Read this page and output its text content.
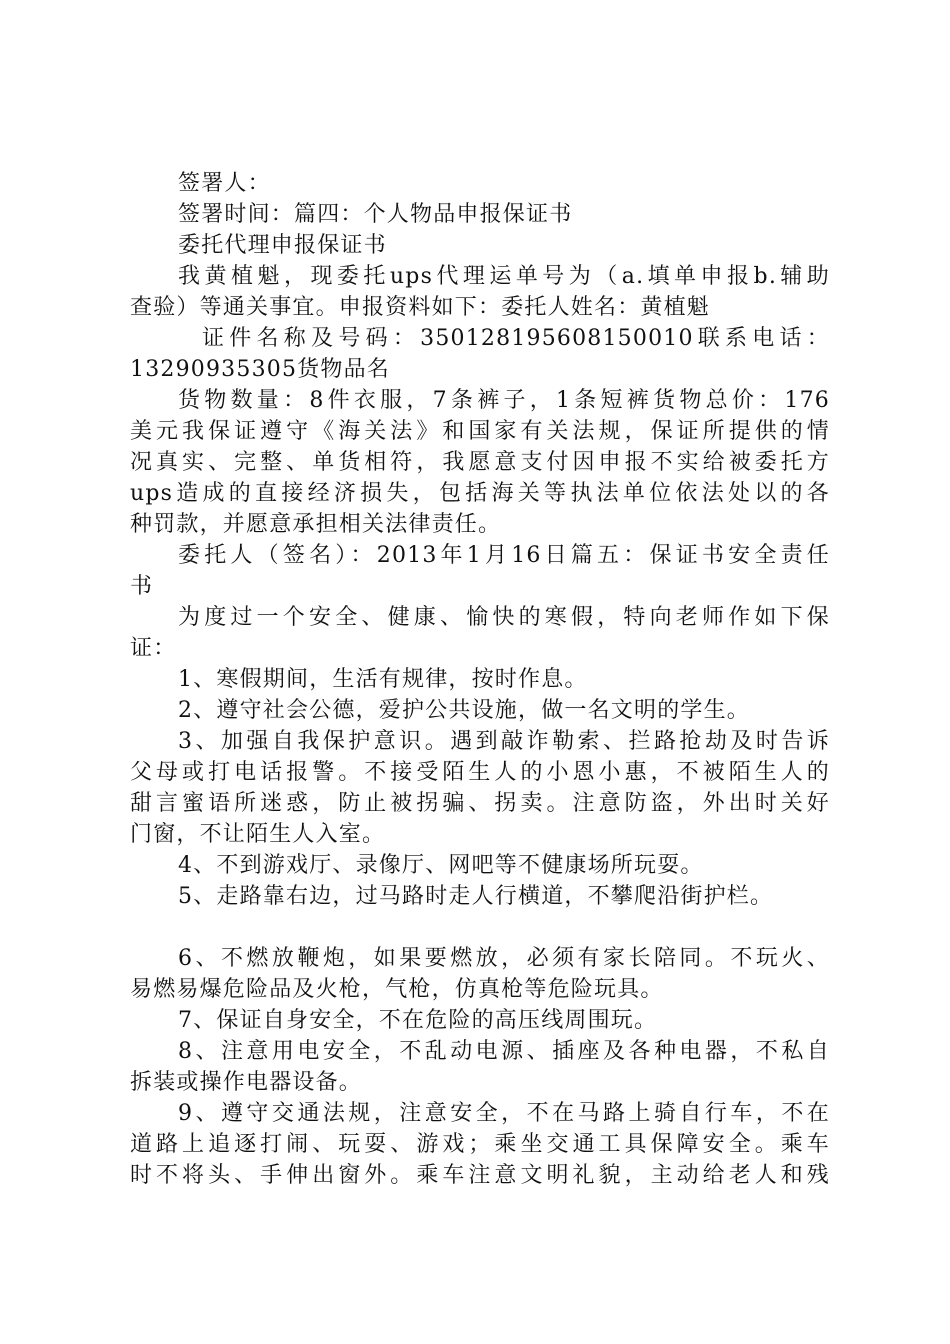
签署人：
签署时间：篇四：个人物品申报保证书
委托代理申报保证书
我黄植魁，现委托ups代理运单号为（a.填单申报b.辅助
查验）等通关事宜。申报资料如下：委托人姓名：黄植魁
证件名称及号码：350128195608150010联系电话：
13290935305货物品名
货物数量：8件衣服，7条裤子，1条短裤货物总价：176
美元我保证遵守《海关法》和国家有关法规，保证所提供的情
况真实、完整、单货相符，我愿意支付因申报不实给被委托方
ups造成的直接经济损失，包括海关等执法单位依法处以的各
种罚款，并愿意承担相关法律责任。
委托人（签名）：2013年1月16日篇五：保证书安全责任
书
为度过一个安全、健康、愉快的寒假，特向老师作如下保
证：
1、寒假期间，生活有规律，按时作息。
2、遵守社会公德，爱护公共设施，做一名文明的学生。
3、加强自我保护意识。遇到敲诈勒索、拦路抢劫及时告诉
父母或打电话报警。不接受陌生人的小恩小惠，不被陌生人的
甜言蜜语所迷惑，防止被拐骗、拐卖。注意防盗，外出时关好
门窗，不让陌生人入室。
4、不到游戏厅、录像厅、网吧等不健康场所玩耍。
5、走路靠右边，过马路时走人行横道，不攀爬沿街护栏。
6、不燃放鞭炮，如果要燃放，必须有家长陪同。不玩火、
易燃易爆危险品及火枪，气枪，仿真枪等危险玩具。
7、保证自身安全，不在危险的高压线周围玩。
8、注意用电安全，不乱动电源、插座及各种电器，不私自
拆装或操作电器设备。
9、遵守交通法规，注意安全，不在马路上骑自行车，不在
道路上追逐打闹、玩耍、游戏；乘坐交通工具保障安全。乘车
时不将头、手伸出窗外。乘车注意文明礼貌，主动给老人和残
